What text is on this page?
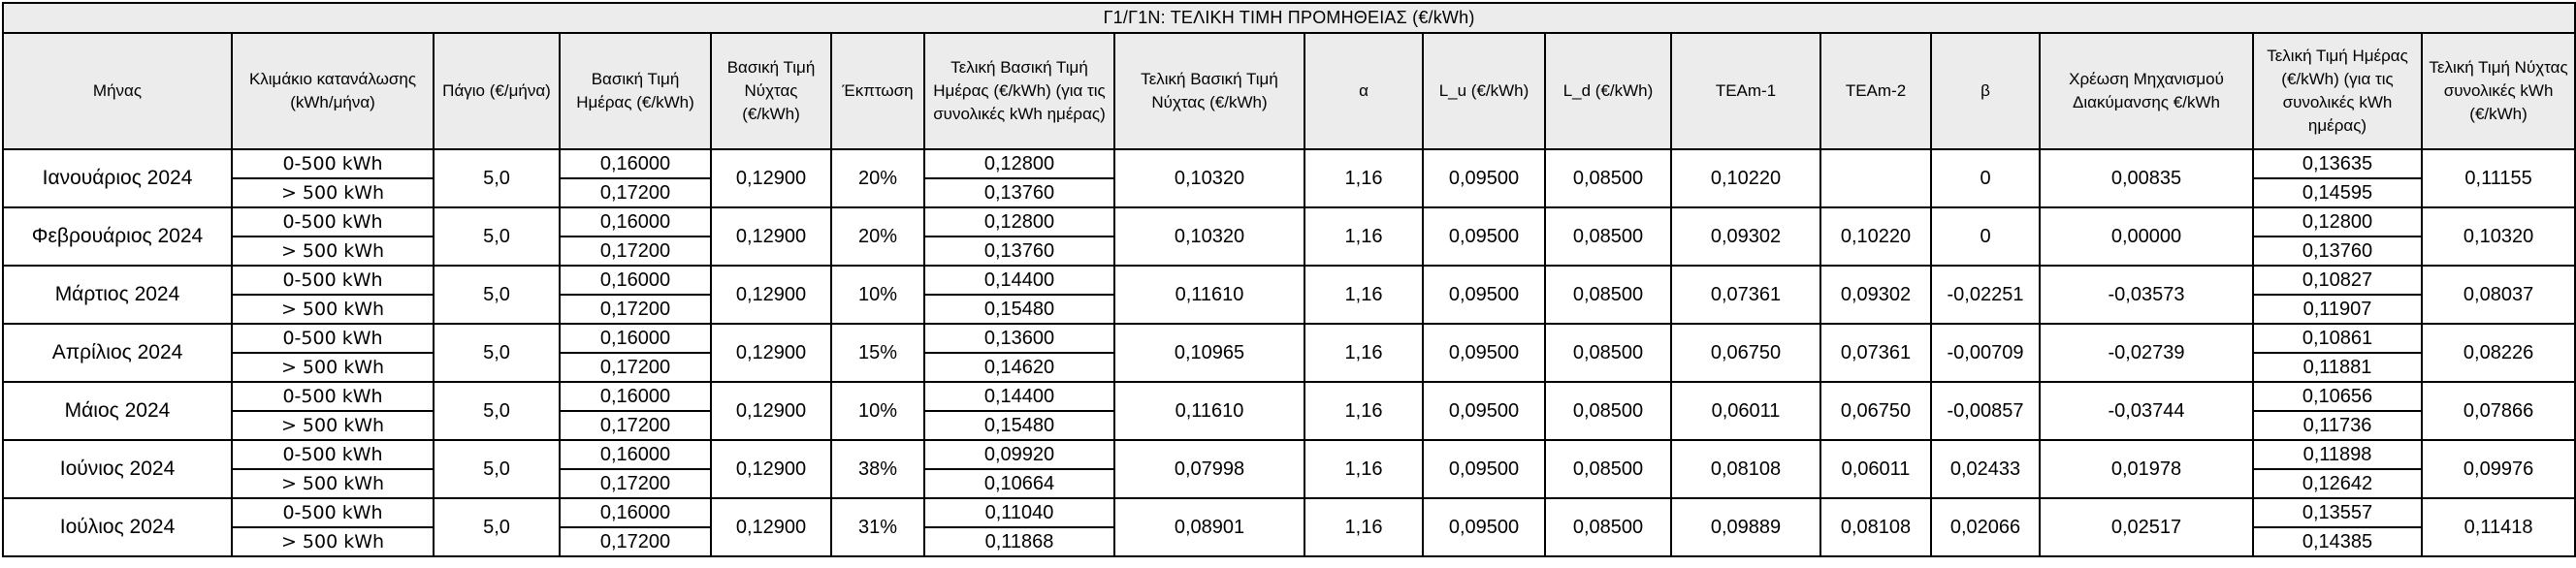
Γ1/Γ1Ν: ΤΕΛΙΚΗ ΤΙΜΗ ΠΡΟΜΗΘΕΙΑΣ (€/kWh)																
Μήνας	Κλιμάκιο κατανάλωσης (kWh/μήνα)	Πάγιο (€/μήνα)	Βασική Τιμή Ημέρας (€/kWh)	Βασική Τιμή Νύχτας (€/kWh)	Έκπτωση	Τελική Βασική Τιμή Ημέρας (€/kWh) (για τις συνολικές kWh ημέρας)	Τελική Βασική Τιμή Νύχτας (€/kWh)	α	L_u (€/kWh)	L_d (€/kWh)	TEAm-1	TEAm-2	β	Χρέωση Μηχανισμού Διακύμανσης €/kWh	Τελική Τιμή Ημέρας (€/kWh) (για τις συνολικές kWh ημέρας)	Τελική Τιμή Νύχτας συνολικές kWh (€/kWh)
Ιανουάριος 2024	0-500 kWh	5,0	0,16000	0,12900	20%	0,12800	0,10320	1,16	0,09500	0,08500	0,10220		0	0,00835	0,13635	0,11155
	> 500 kWh		0,17200			0,13760									0,14595	
Φεβρουάριος 2024	0-500 kWh	5,0	0,16000	0,12900	20%	0,12800	0,10320	1,16	0,09500	0,08500	0,09302	0,10220	0	0,00000	0,12800	0,10320
	> 500 kWh		0,17200			0,13760									0,13760	
Μάρτιος 2024	0-500 kWh	5,0	0,16000	0,12900	10%	0,14400	0,11610	1,16	0,09500	0,08500	0,07361	0,09302	-0,02251	-0,03573	0,10827	0,08037
	> 500 kWh		0,17200			0,15480									0,11907	
Απρίλιος 2024	0-500 kWh	5,0	0,16000	0,12900	15%	0,13600	0,10965	1,16	0,09500	0,08500	0,06750	0,07361	-0,00709	-0,02739	0,10861	0,08226
	> 500 kWh		0,17200			0,14620									0,11881	
Μάιος 2024	0-500 kWh	5,0	0,16000	0,12900	10%	0,14400	0,11610	1,16	0,09500	0,08500	0,06011	0,06750	-0,00857	-0,03744	0,10656	0,07866
	> 500 kWh		0,17200			0,15480									0,11736	
Ιούνιος 2024	0-500 kWh	5,0	0,16000	0,12900	38%	0,09920	0,07998	1,16	0,09500	0,08500	0,08108	0,06011	0,02433	0,01978	0,11898	0,09976
	> 500 kWh		0,17200			0,10664									0,12642	
Ιούλιος 2024	0-500 kWh	5,0	0,16000	0,12900	31%	0,11040	0,08901	1,16	0,09500	0,08500	0,09889	0,08108	0,02066	0,02517	0,13557	0,11418
	> 500 kWh		0,17200			0,11868									0,14385	
